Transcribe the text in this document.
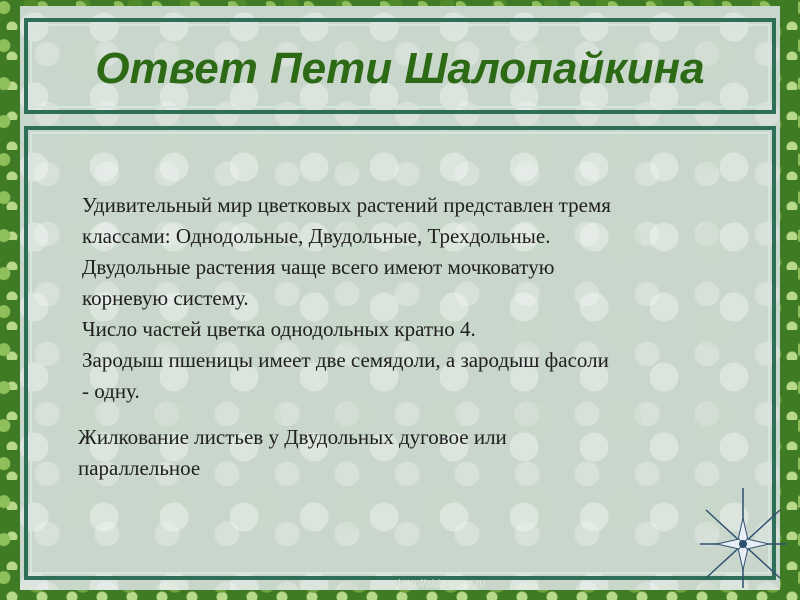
Ответ Пети Шалопайкина

Удивительный мир цветковых растений представлен тремя
классами: Однодольные, Двудольные, Трехдольные.
Двудольные растения чаще всего имеют мочковатую
корневую систему.
Число частей цветка однодольных кратно 4.
Зародыш пшеницы имеет две семядоли, а зародыш фасоли
- одну.

Жилкование листьев у Двудольных дуговое или
параллельное

http://aida.ucoz.ru
